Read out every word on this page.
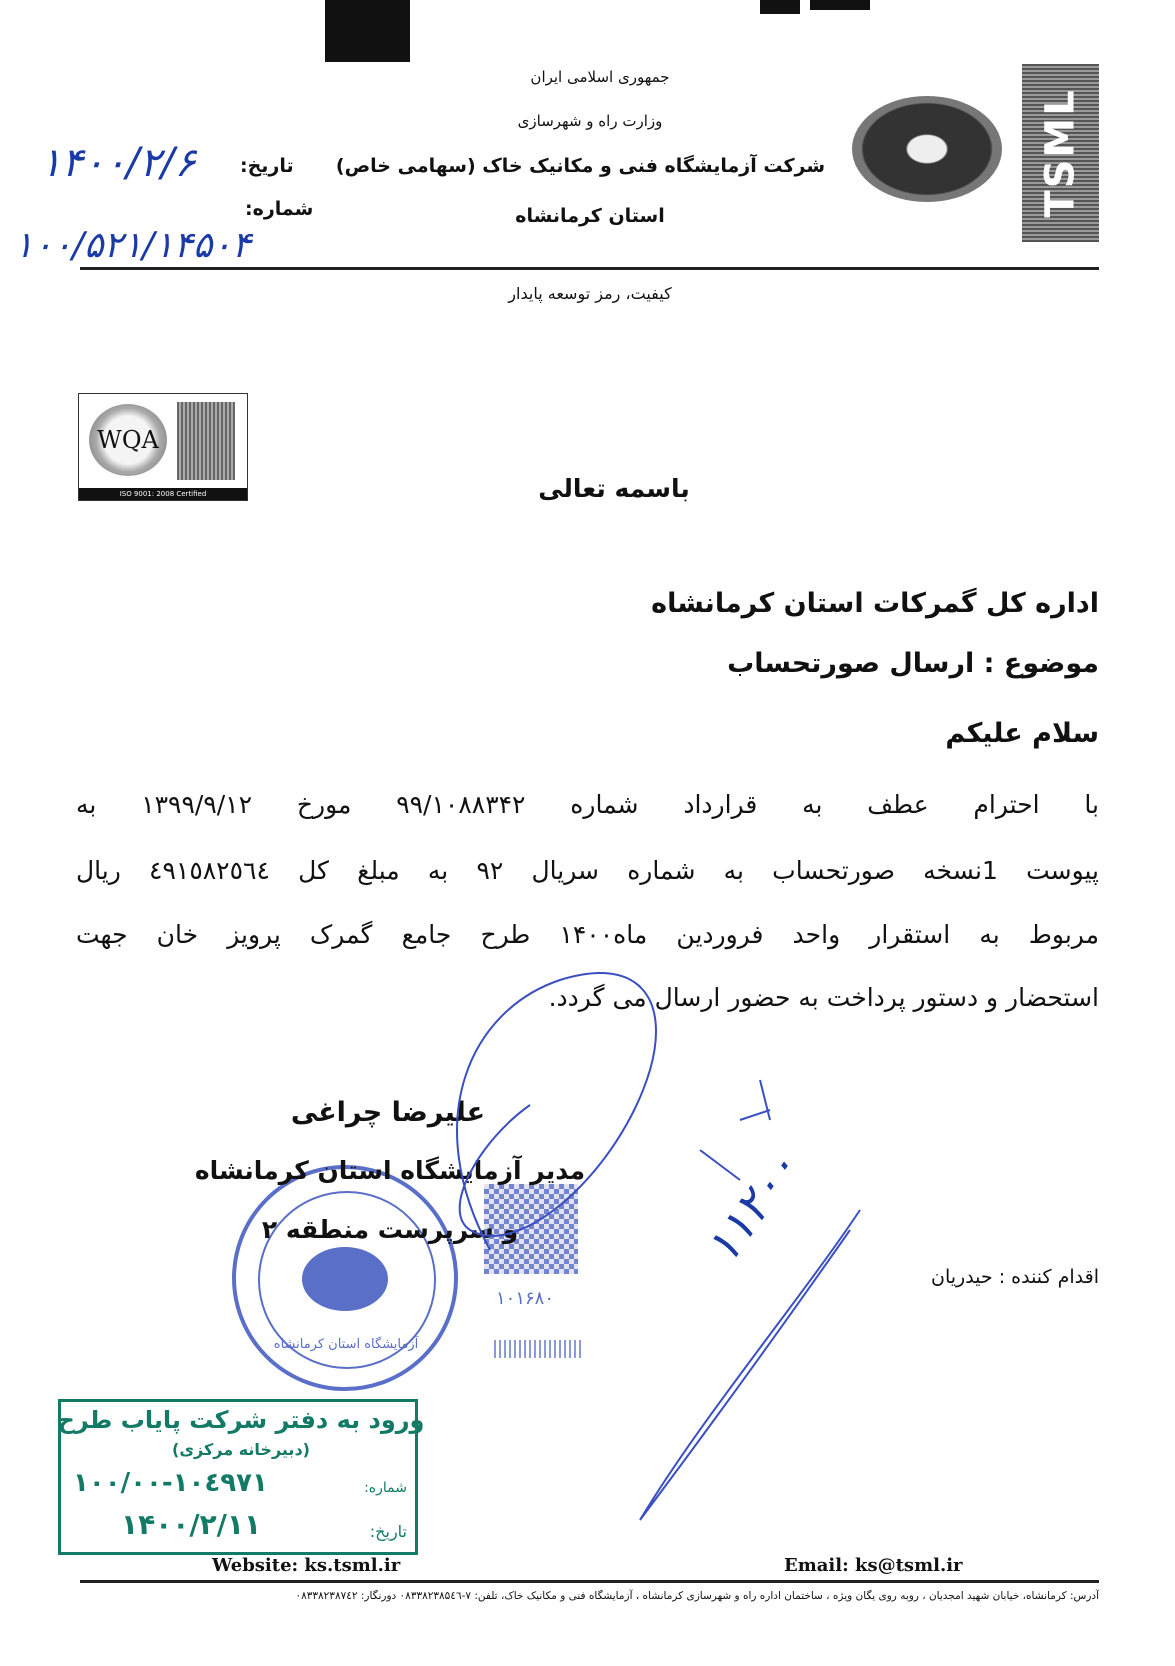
جمهوری اسلامی ایران
وزارت راه و شهرسازی
شرکت آزمایشگاه فنی و مکانیک خاک (سهامی خاص)
استان کرمانشاه	TSML
تاریخ:
۱۴۰۰/۲/۶
شماره:
۱۰۰/۵۲۱/۱۴۵۰۴
کیفیت، رمز توسعه پایدار
WQA
ISO 9001: 2008 Certified	باسمه تعالی
اداره کل گمرکات استان کرمانشاه
موضوع : ارسال صورتحساب
سلام علیکم
با احترام عطف به قرارداد شماره ۹۹/۱۰۸۸۳۴۲ مورخ ۱۳۹۹/۹/۱۲ به
پیوست 1نسخه صورتحساب به شماره سریال ۹۲ به مبلغ کل ٤٩١٥٨٢٥٦٤ ریال
مربوط به استقرار واحد فروردین ماه۱۴۰۰ طرح جامع گمرک پرویز خان جهت
استحضار و دستور پرداخت به حضور ارسال می گردد.
آزمایشگاه استان کرمانشاه
۱۰۱۶۸۰
علیرضا چراغی
مدیر آزمایشگاه استان کرمانشاه
و سرپرست منطقه ۲
اقدام کننده : حیدریان
۱۱۲۰۰
ورود به دفتر شرکت پایاب طرح
(دبیرخانه مرکزی)
شماره:
۱۰۰/۰۰-۱۰٤۹۷۱
تاریخ:
۱۴۰۰/۲/۱۱
Website: ks.tsml.ir	Email: ks@tsml.ir
آدرس: کرمانشاه، خیابان شهید امجدیان ، روبه روی یگان ویژه ، ساختمان اداره راه و شهرسازی کرمانشاه ، آزمایشگاه فنی و مکانیک خاک، تلفن: ۷-۰۸۳۳۸۲۳۸۵٤٦ دورنگار: ۰۸۳۳۸۲۳۸۷٤۲
